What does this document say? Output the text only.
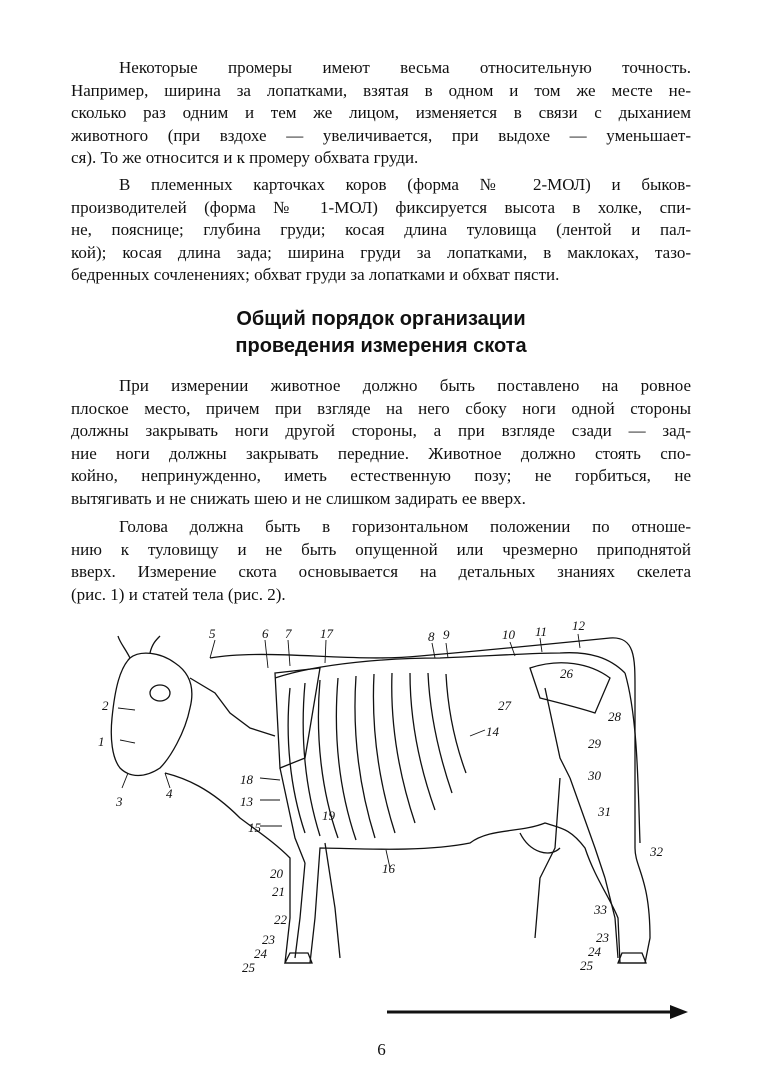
Некоторые промеры имеют весьма относительную точность.
Например, ширина за лопатками, взятая в одном и том же месте не-
сколько раз одним и тем же лицом, изменяется в связи с дыханием
животного (при вздохе — увеличивается, при выдохе — уменьшает-
ся). То же относится и к промеру обхвата груди.
В племенных карточках коров (форма № 2-МОЛ) и быков-
производителей (форма № 1-МОЛ) фиксируется высота в холке, спи-
не, пояснице; глубина груди; косая длина туловища (лентой и пал-
кой); косая длина зада; ширина груди за лопатками, в маклоках, тазо-
бедренных сочленениях; обхват груди за лопатками и обхват пясти.
Общий порядок организации
проведения измерения скота
При измерении животное должно быть поставлено на ровное
плоское место, причем при взгляде на него сбоку ноги одной стороны
должны закрывать ноги другой стороны, а при взгляде сзади — зад-
ние ноги должны закрывать передние. Животное должно стоять спо-
койно, непринужденно, иметь естественную позу; не горбиться, не
вытягивать и не снижать шею и не слишком задирать ее вверх.
Голова должна быть в горизонтальном положении по отноше-
нию к туловищу и не быть опущенной или чрезмерно приподнятой
вверх. Измерение скота основывается на детальных знаниях скелета
(рис. 1) и статей тела (рис. 2).
1
2
3
4
5	6 7 17	8 9	10 11 12
26
27
28
14
29
30
18
13
19
15
31
16
32
20
21
22
33
23
24
25
23
24
25
6
